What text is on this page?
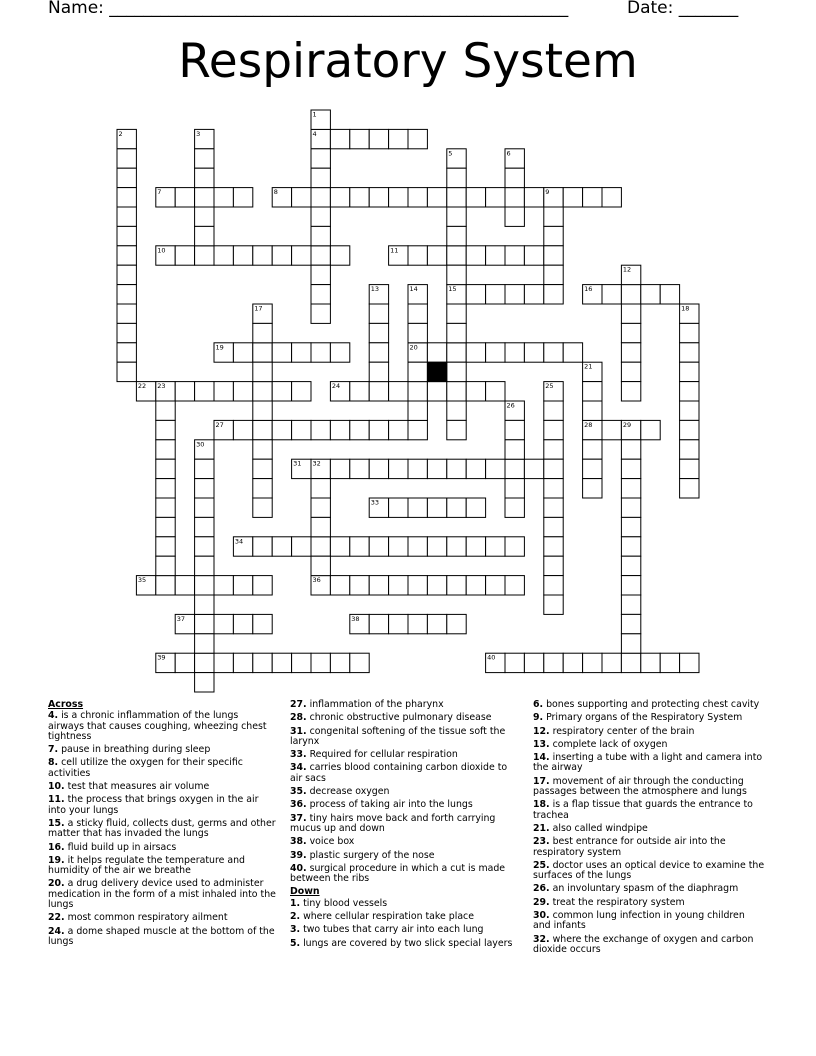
Name: ______________________________________________________	Date: _______
Respiratory System
1
2	3	4
5	6
7	8	9
10	11
12
13	14	15	16
17	18
19	20
21
22 23	24	25
26
27	28	29
30
31 32
33
34
35	36
37	38
39	40
Across
4. is a chronic inflammation of the lungs airways that causes coughing, wheezing chest tightness
7. pause in breathing during sleep
8. cell utilize the oxygen for their specific activities
10. test that measures air volume
11. the process that brings oxygen in the air into your lungs
15. a sticky fluid, collects dust, germs and other matter that has invaded the lungs
16. fluid build up in airsacs
19. it helps regulate the temperature and humidity of the air we breathe
20. a drug delivery device used to administer medication in the form of a mist inhaled into the lungs
22. most common respiratory ailment
24. a dome shaped muscle at the bottom of the lungs
27. inflammation of the pharynx
28. chronic obstructive pulmonary disease
31. congenital softening of the tissue soft the larynx
33. Required for cellular respiration
34. carries blood containing carbon dioxide to air sacs
35. decrease oxygen
36. process of taking air into the lungs
37. tiny hairs move back and forth carrying mucus up and down
38. voice box
39. plastic surgery of the nose
40. surgical procedure in which a cut is made between the ribs
Down
1. tiny blood vessels
2. where cellular respiration take place
3. two tubes that carry air into each lung
5. lungs are covered by two slick special layers
6. bones supporting and protecting chest cavity
9. Primary organs of the Respiratory System
12. respiratory center of the brain
13. complete lack of oxygen
14. inserting a tube with a light and camera into the airway
17. movement of air through the conducting passages between the atmosphere and lungs
18. is a flap tissue that guards the entrance to trachea
21. also called windpipe
23. best entrance for outside air into the respiratory system
25. doctor uses an optical device to examine the surfaces of the lungs
26. an involuntary spasm of the diaphragm
29. treat the respiratory system
30. common lung infection in young children and infants
32. where the exchange of oxygen and carbon dioxide occurs
